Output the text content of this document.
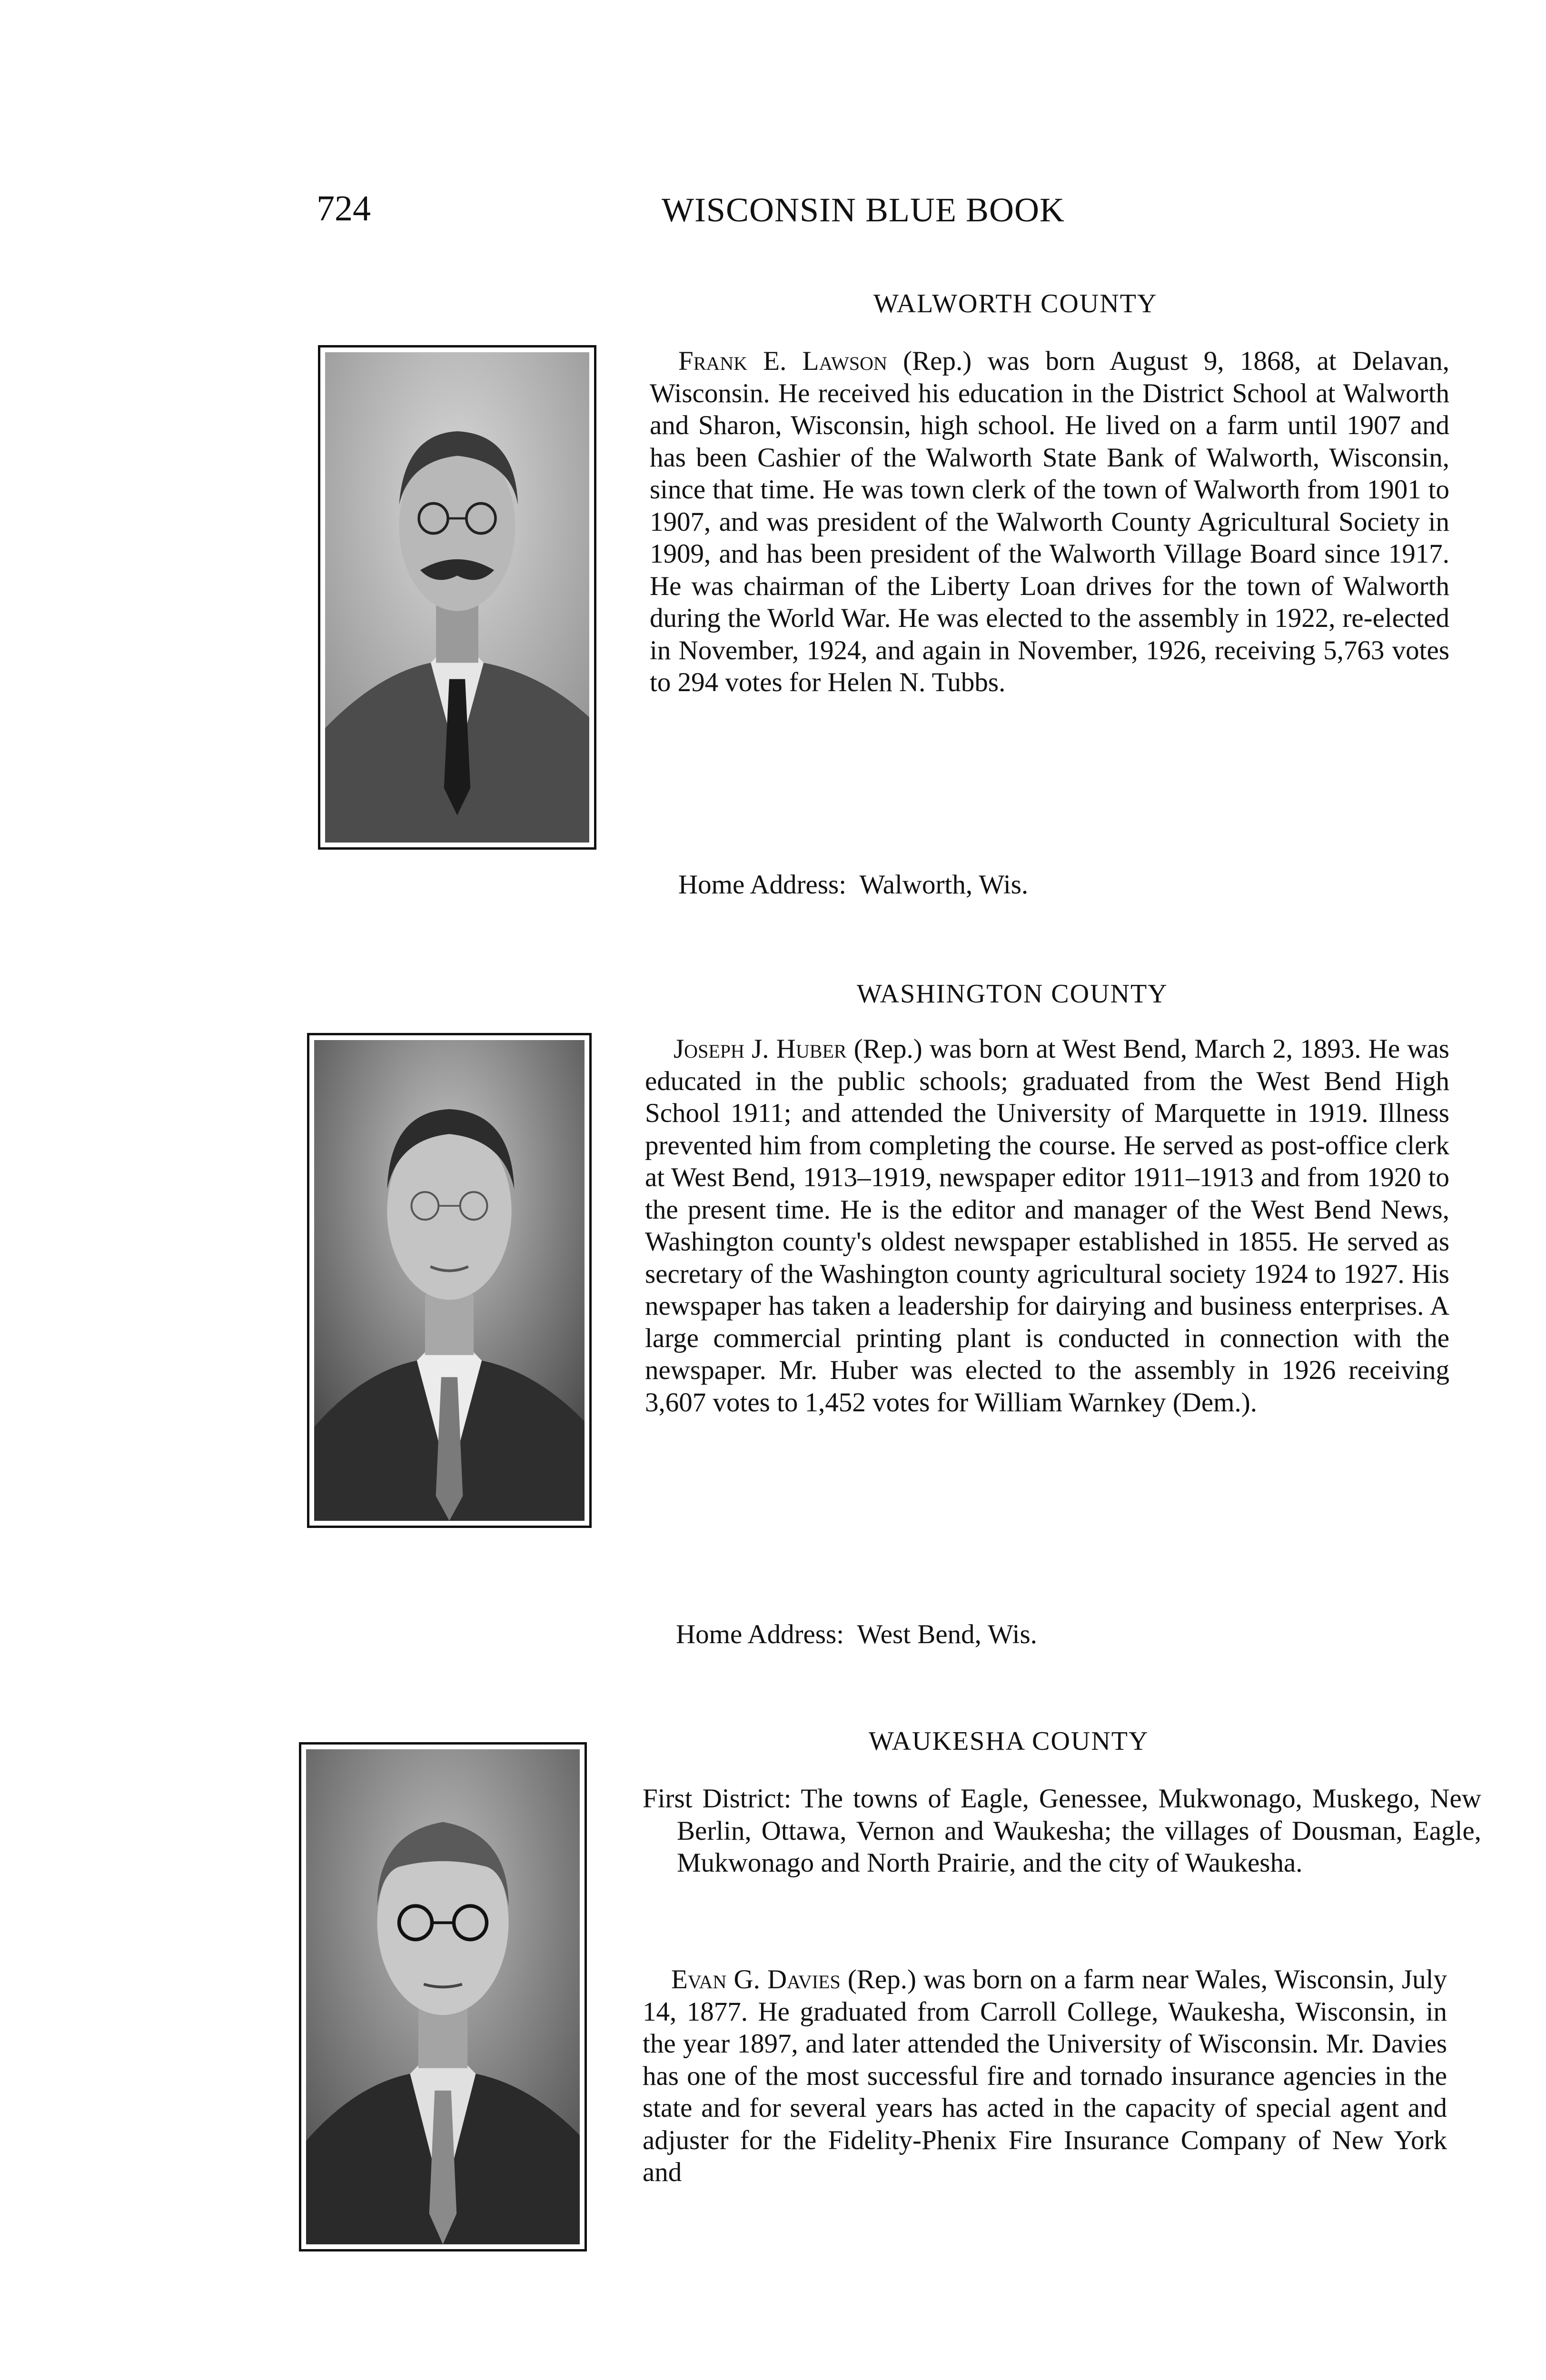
724	WISCONSIN BLUE BOOK
WALWORTH COUNTY

Frank E. Lawson (Rep.) was born August 9, 1868, at Delavan, Wisconsin. He received his education in the District School at Walworth and Sharon, Wisconsin, high school. He lived on a farm until 1907 and has been Cashier of the Walworth State Bank of Walworth, Wisconsin, since that time. He was town clerk of the town of Walworth from 1901 to 1907, and was president of the Walworth County Agricultural Society in 1909, and has been president of the Walworth Village Board since 1917. He was chairman of the Liberty Loan drives for the town of Walworth during the World War. He was elected to the assembly in 1922, re-elected in November, 1924, and again in November, 1926, receiving 5,763 votes to 294 votes for Helen N. Tubbs.

Home Address:  Walworth, Wis.
WASHINGTON COUNTY

Joseph J. Huber (Rep.) was born at West Bend, March 2, 1893. He was educated in the public schools; graduated from the West Bend High School 1911; and attended the University of Marquette in 1919. Illness prevented him from completing the course. He served as post-office clerk at West Bend, 1913–1919, newspaper editor 1911–1913 and from 1920 to the present time. He is the editor and manager of the West Bend News, Washington county's oldest newspaper established in 1855. He served as secretary of the Washington county agricultural society 1924 to 1927. His newspaper has taken a leadership for dairying and business enterprises. A large commercial printing plant is conducted in connection with the newspaper. Mr. Huber was elected to the assembly in 1926 receiving 3,607 votes to 1,452 votes for William Warnkey (Dem.).

Home Address:  West Bend, Wis.
WAUKESHA COUNTY
First District: The towns of Eagle, Genessee, Mukwonago, Muskego, New Berlin, Ottawa, Vernon and Waukesha; the villages of Dousman, Eagle, Mukwonago and North Prairie, and the city of Waukesha.
Evan G. Davies (Rep.) was born on a farm near Wales, Wisconsin, July 14, 1877. He graduated from Carroll College, Waukesha, Wisconsin, in the year 1897, and later attended the University of Wisconsin. Mr. Davies has one of the most successful fire and tornado insurance agencies in the state and for several years has acted in the capacity of special agent and adjuster for the Fidelity-Phenix Fire Insurance Company of New York and
